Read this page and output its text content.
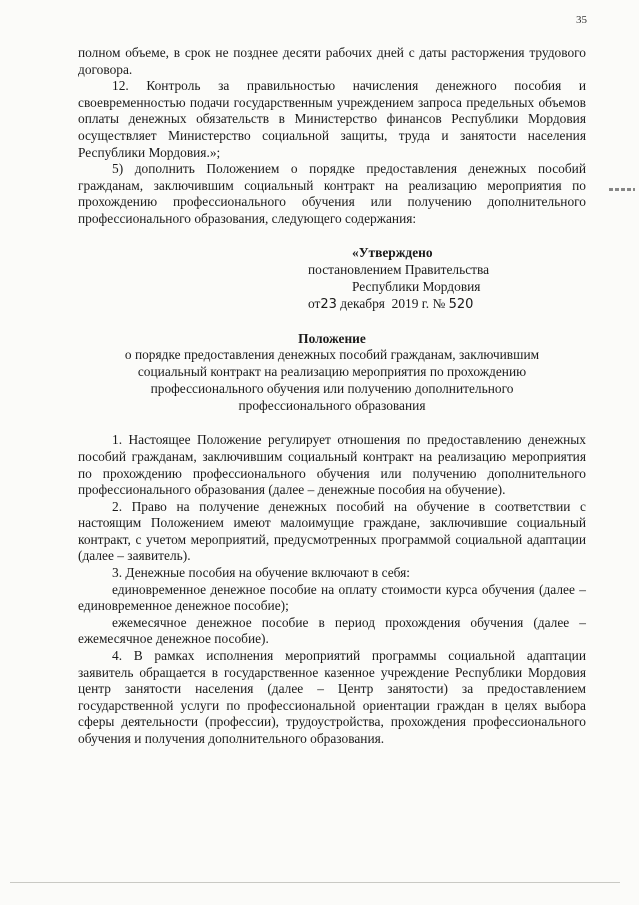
35

полном объеме, в срок не позднее десяти рабочих дней с даты расторжения трудового договора.

12. Контроль за правильностью начисления денежного пособия и своевременностью подачи государственным учреждением запроса предельных объемов оплаты денежных обязательств в Министерство финансов Республики Мордовия осуществляет Министерство социальной защиты, труда и занятости населения Республики Мордовия.»;

5) дополнить Положением о порядке предоставления денежных пособий гражданам, заключившим социальный контракт на реализацию мероприятия по прохождению профессионального обучения или получению дополнительного профессионального образования, следующего содержания:

«Утверждено
постановлением Правительства
Республики Мордовия
от23 декабря 2019 г. № 520
Положение
о порядке предоставления денежных пособий гражданам, заключившим социальный контракт на реализацию мероприятия по прохождению профессионального обучения или получению дополнительного профессионального образования

1. Настоящее Положение регулирует отношения по предоставлению денежных пособий гражданам, заключившим социальный контракт на реализацию мероприятия по прохождению профессионального обучения или получению дополнительного профессионального образования (далее – денежные пособия на обучение).

2. Право на получение денежных пособий на обучение в соответствии с настоящим Положением имеют малоимущие граждане, заключившие социальный контракт, с учетом мероприятий, предусмотренных программой социальной адаптации (далее – заявитель).

3. Денежные пособия на обучение включают в себя:

единовременное денежное пособие на оплату стоимости курса обучения (далее – единовременное денежное пособие);

ежемесячное денежное пособие в период прохождения обучения (далее – ежемесячное денежное пособие).

4. В рамках исполнения мероприятий программы социальной адаптации заявитель обращается в государственное казенное учреждение Республики Мордовия центр занятости населения (далее – Центр занятости) за предоставлением государственной услуги по профессиональной ориентации граждан в целях выбора сферы деятельности (профессии), трудоустройства, прохождения профессионального обучения и получения дополнительного образования.
